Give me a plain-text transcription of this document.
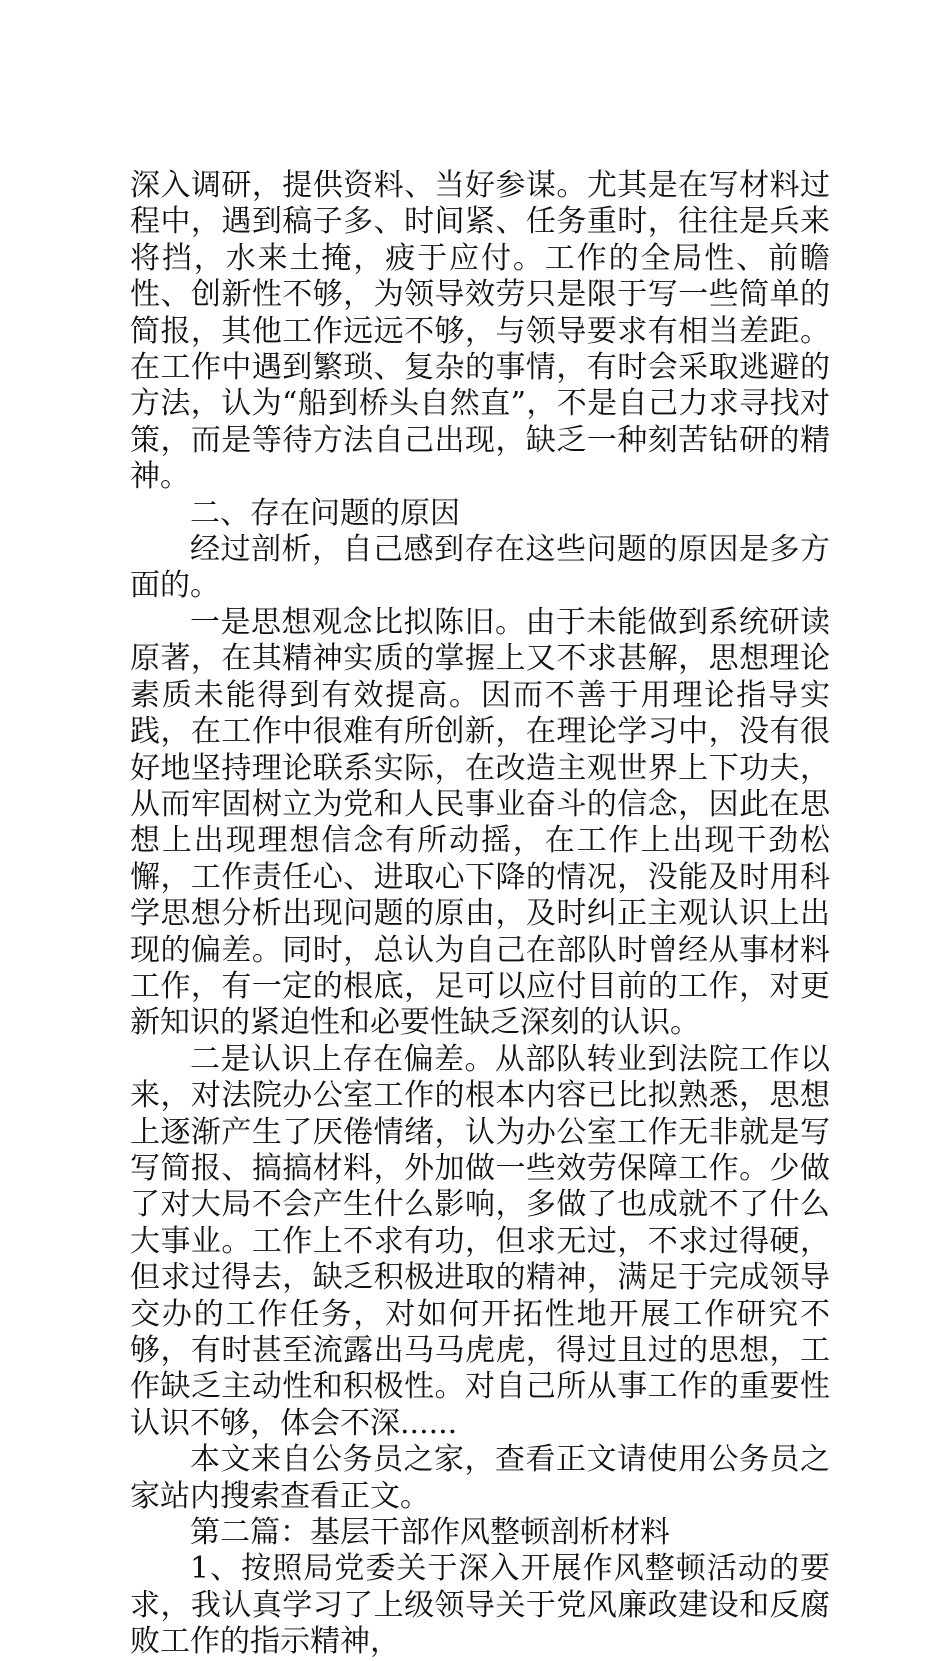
深入调研，提供资料、当好参谋。尤其是在写材料过程中，遇到稿子多、时间紧、任务重时，往往是兵来将挡，水来土掩，疲于应付。工作的全局性、前瞻性、创新性不够，为领导效劳只是限于写一些简单的简报，其他工作远远不够，与领导要求有相当差距。在工作中遇到繁琐、复杂的事情，有时会采取逃避的方法，认为“船到桥头自然直”，不是自己力求寻找对策，而是等待方法自己出现，缺乏一种刻苦钻研的精神。

二、存在问题的原因

经过剖析，自己感到存在这些问题的原因是多方面的。

一是思想观念比拟陈旧。由于未能做到系统研读原著，在其精神实质的掌握上又不求甚解，思想理论素质未能得到有效提高。因而不善于用理论指导实践，在工作中很难有所创新，在理论学习中，没有很好地坚持理论联系实际，在改造主观世界上下功夫，从而牢固树立为党和人民事业奋斗的信念，因此在思想上出现理想信念有所动摇，在工作上出现干劲松懈，工作责任心、进取心下降的情况，没能及时用科学思想分析出现问题的原由，及时纠正主观认识上出现的偏差。同时，总认为自己在部队时曾经从事材料工作，有一定的根底，足可以应付目前的工作，对更新知识的紧迫性和必要性缺乏深刻的认识。

二是认识上存在偏差。从部队转业到法院工作以来，对法院办公室工作的根本内容已比拟熟悉，思想上逐渐产生了厌倦情绪，认为办公室工作无非就是写写简报、搞搞材料，外加做一些效劳保障工作。少做了对大局不会产生什么影响，多做了也成就不了什么大事业。工作上不求有功，但求无过，不求过得硬，但求过得去，缺乏积极进取的精神，满足于完成领导交办的工作任务，对如何开拓性地开展工作研究不够，有时甚至流露出马马虎虎，得过且过的思想，工作缺乏主动性和积极性。对自己所从事工作的重要性认识不够，体会不深......

本文来自公务员之家，查看正文请使用公务员之家站内搜索查看正文。

第二篇：基层干部作风整顿剖析材料

1、按照局党委关于深入开展作风整顿活动的要求，我认真学习了上级领导关于党风廉政建设和反腐败工作的指示精神，
